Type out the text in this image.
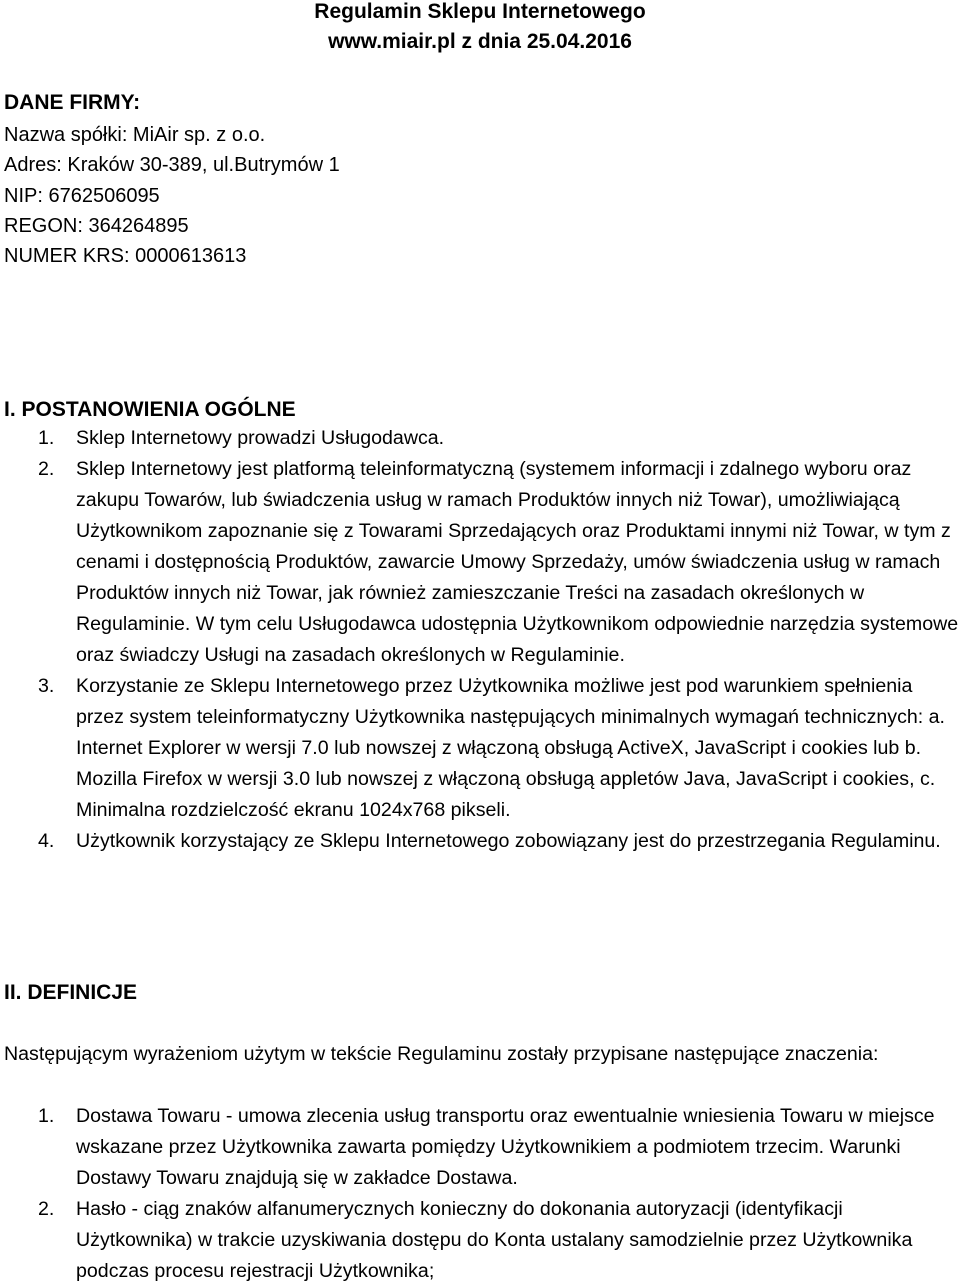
Regulamin Sklepu Internetowego
www.miair.pl z dnia 25.04.2016
DANE FIRMY:
Nazwa spółki: MiAir sp. z o.o.
Adres: Kraków 30-389, ul.Butrymów 1
NIP: 6762506095
REGON: 364264895
NUMER KRS: 0000613613
I. POSTANOWIENIA OGÓLNE
1. Sklep Internetowy prowadzi Usługodawca.
2. Sklep Internetowy jest platformą teleinformatyczną (systemem informacji i zdalnego wyboru oraz zakupu Towarów, lub świadczenia usług w ramach Produktów innych niż Towar), umożliwiającą Użytkownikom zapoznanie się z Towarami Sprzedających oraz Produktami innymi niż Towar, w tym z cenami i dostępnością Produktów, zawarcie Umowy Sprzedaży, umów świadczenia usług w ramach Produktów innych niż Towar, jak również zamieszczanie Treści na zasadach określonych w Regulaminie. W tym celu Usługodawca udostępnia Użytkownikom odpowiednie narzędzia systemowe oraz świadczy Usługi na zasadach określonych w Regulaminie.
3. Korzystanie ze Sklepu Internetowego przez Użytkownika możliwe jest pod warunkiem spełnienia przez system teleinformatyczny Użytkownika następujących minimalnych wymagań technicznych: a. Internet Explorer w wersji 7.0 lub nowszej z włączoną obsługą ActiveX, JavaScript i cookies lub b. Mozilla Firefox w wersji 3.0 lub nowszej z włączoną obsługą appletów Java, JavaScript i cookies, c. Minimalna rozdzielczość ekranu 1024x768 pikseli.
4. Użytkownik korzystający ze Sklepu Internetowego zobowiązany jest do przestrzegania Regulaminu.
II. DEFINICJE

Następującym wyrażeniom użytym w tekście Regulaminu zostały przypisane następujące znaczenia:

1. Dostawa Towaru - umowa zlecenia usług transportu oraz ewentualnie wniesienia Towaru w miejsce wskazane przez Użytkownika zawarta pomiędzy Użytkownikiem a podmiotem trzecim. Warunki Dostawy Towaru znajdują się w zakładce Dostawa.
2. Hasło - ciąg znaków alfanumerycznych konieczny do dokonania autoryzacji (identyfikacji Użytkownika) w trakcie uzyskiwania dostępu do Konta ustalany samodzielnie przez Użytkownika podczas procesu rejestracji Użytkownika;
